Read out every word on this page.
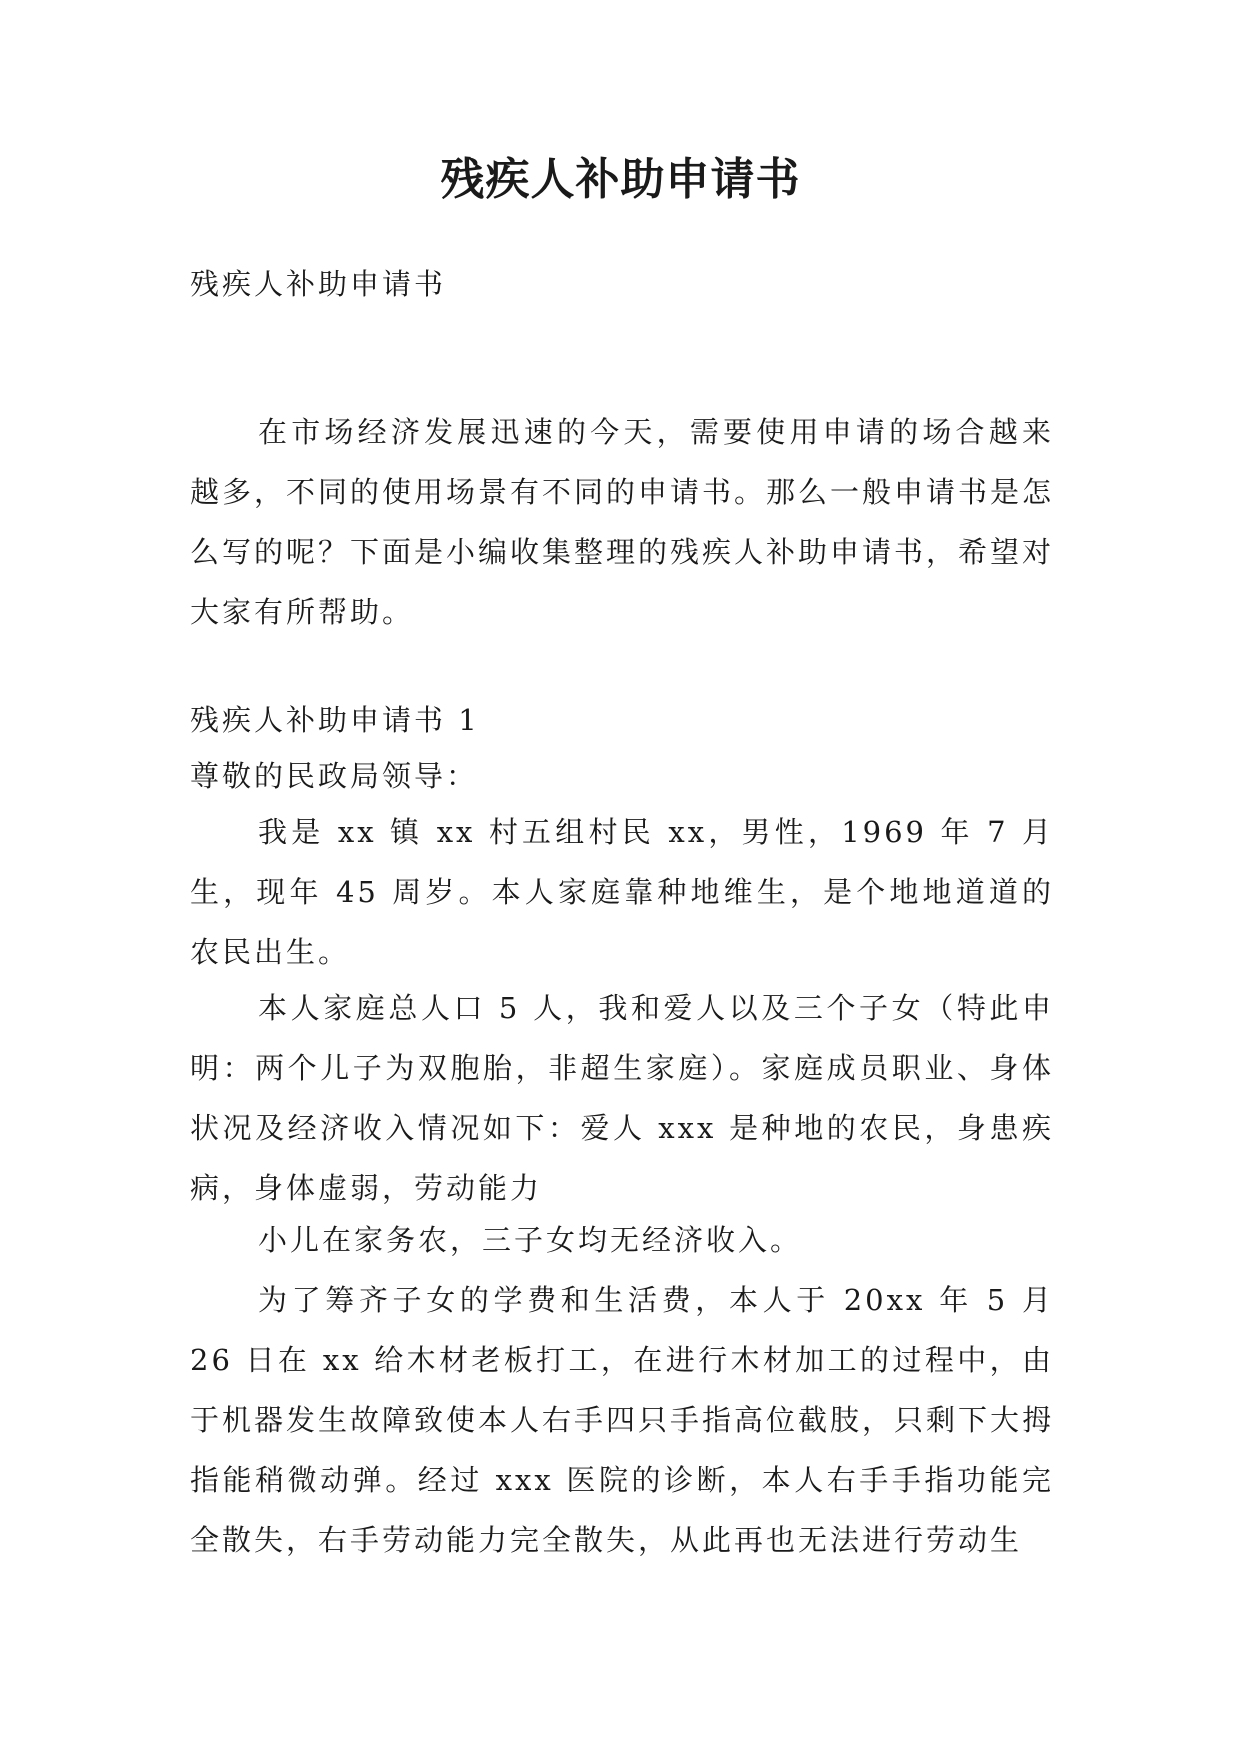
残疾人补助申请书

残疾人补助申请书

在市场经济发展迅速的今天，需要使用申请的场合越来越多，不同的使用场景有不同的申请书。那么一般申请书是怎么写的呢？下面是小编收集整理的残疾人补助申请书，希望对大家有所帮助。

残疾人补助申请书 1

尊敬的民政局领导：

我是 xx 镇 xx 村五组村民 xx，男性，1969 年 7 月生，现年 45 周岁。本人家庭靠种地维生，是个地地道道的农民出生。

本人家庭总人口 5 人，我和爱人以及三个子女（特此申明：两个儿子为双胞胎，非超生家庭）。家庭成员职业、身体状况及经济收入情况如下：爱人 xxx 是种地的农民，身患疾病，身体虚弱，劳动能力

小儿在家务农，三子女均无经济收入。

为了筹齐子女的学费和生活费，本人于 20xx 年 5 月 26 日在 xx 给木材老板打工，在进行木材加工的过程中，由于机器发生故障致使本人右手四只手指高位截肢，只剩下大拇指能稍微动弹。经过 xxx 医院的诊断，本人右手手指功能完全散失，右手劳动能力完全散失，从此再也无法进行劳动生
